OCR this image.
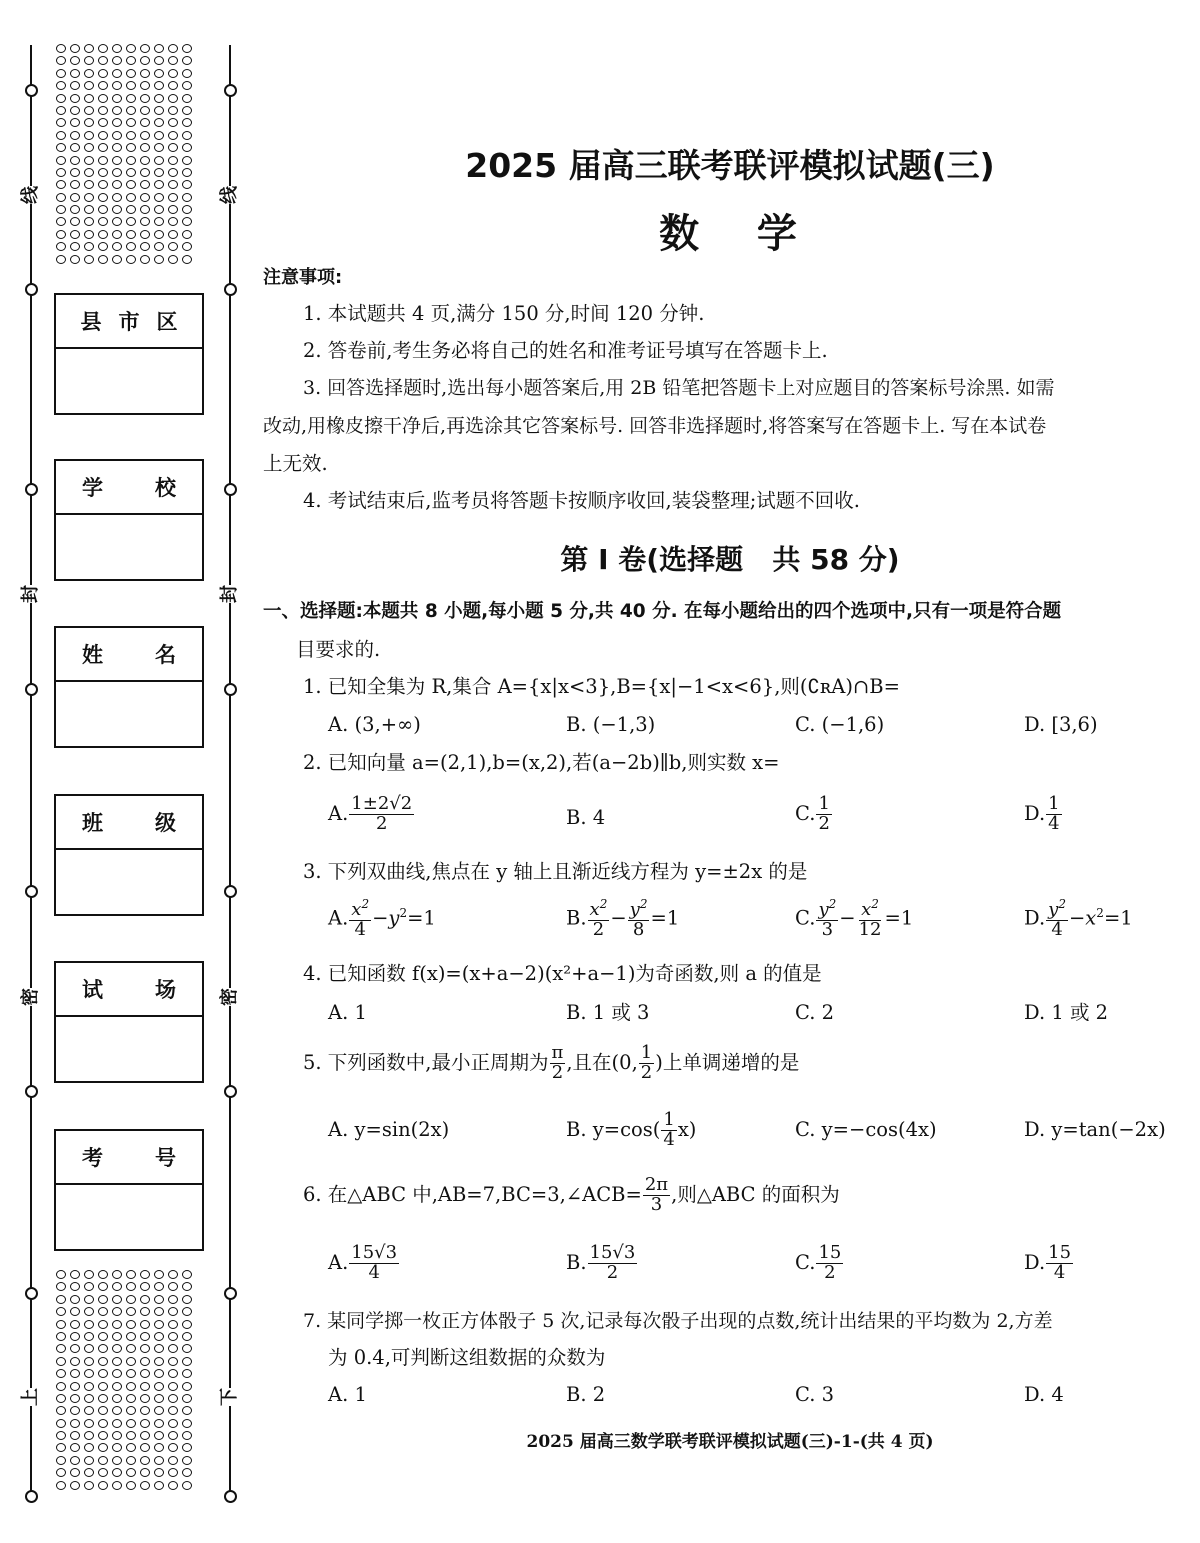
线
封
密
上
线
封
密
下
县 市 区
学 校
姓 名
班 级
试 场
考 号
2025 届高三联考联评模拟试题(三)
数   学
注意事项:
1. 本试题共 4 页,满分 150 分,时间 120 分钟.
2. 答卷前,考生务必将自己的姓名和准考证号填写在答题卡上.
3. 回答选择题时,选出每小题答案后,用 2B 铅笔把答题卡上对应题目的答案标号涂黑. 如需
改动,用橡皮擦干净后,再选涂其它答案标号. 回答非选择题时,将答案写在答题卡上. 写在本试卷
上无效.
4. 考试结束后,监考员将答题卡按顺序收回,装袋整理;试题不回收.
第 I 卷(选择题   共 58 分)
一、选择题:本题共 8 小题,每小题 5 分,共 40 分. 在每小题给出的四个选项中,只有一项是符合题
目要求的.
1. 已知全集为 R,集合 A={x|x<3},B={x|−1<x<6},则(∁ʀA)∩B=
A. (3,+∞)	B. (−1,3)	C. (−1,6)	D. [3,6)
2. 已知向量 a=(2,1),b=(x,2),若(a−2b)∥b,则实数 x=
A. $\frac{1\pm 2√2}{2}$	B. 4	C. $\frac{1}{2}$	D. $\frac{1}{4}$
3. 下列双曲线,焦点在 y 轴上且渐近线方程为 y=±2x 的是
A. $\frac{x^2}{4} -y^2=1$	B. $\frac{x^2}{2} - \frac{y^2}{8} =1$	C. $\frac{y^2}{3} - \frac{x^2}{12} =1$	D. $\frac{y^2}{4} -x^2=1$
4. 已知函数 f(x)=(x+a−2)(x²+a−1)为奇函数,则 a 的值是
A. 1	B. 1 或 3	C. 2	D. 1 或 2
5. 下列函数中,最小正周期为 $\frac{\pi}{2}$ ,且在(0, $\frac{1}{2}$ )上单调递增的是
A. y=sin(2x)	B. $y=\cos( \frac{1}{4} x)$	C. y=−cos(4x)	D. y=tan(−2x)
6. 在△ABC 中,AB=7,BC=3,∠ACB= $\frac{2\pi}{3}$ ,则△ABC 的面积为
A. $\frac{15√3}{4}$	B. $\frac{15√3}{2}$	C. $\frac{15}{2}$	D. $\frac{15}{4}$
7. 某同学掷一枚正方体骰子 5 次,记录每次骰子出现的点数,统计出结果的平均数为 2,方差
为 0.4,可判断这组数据的众数为
A. 1	B. 2	C. 3	D. 4
2025 届高三数学联考联评模拟试题(三)-1-(共 4 页)
